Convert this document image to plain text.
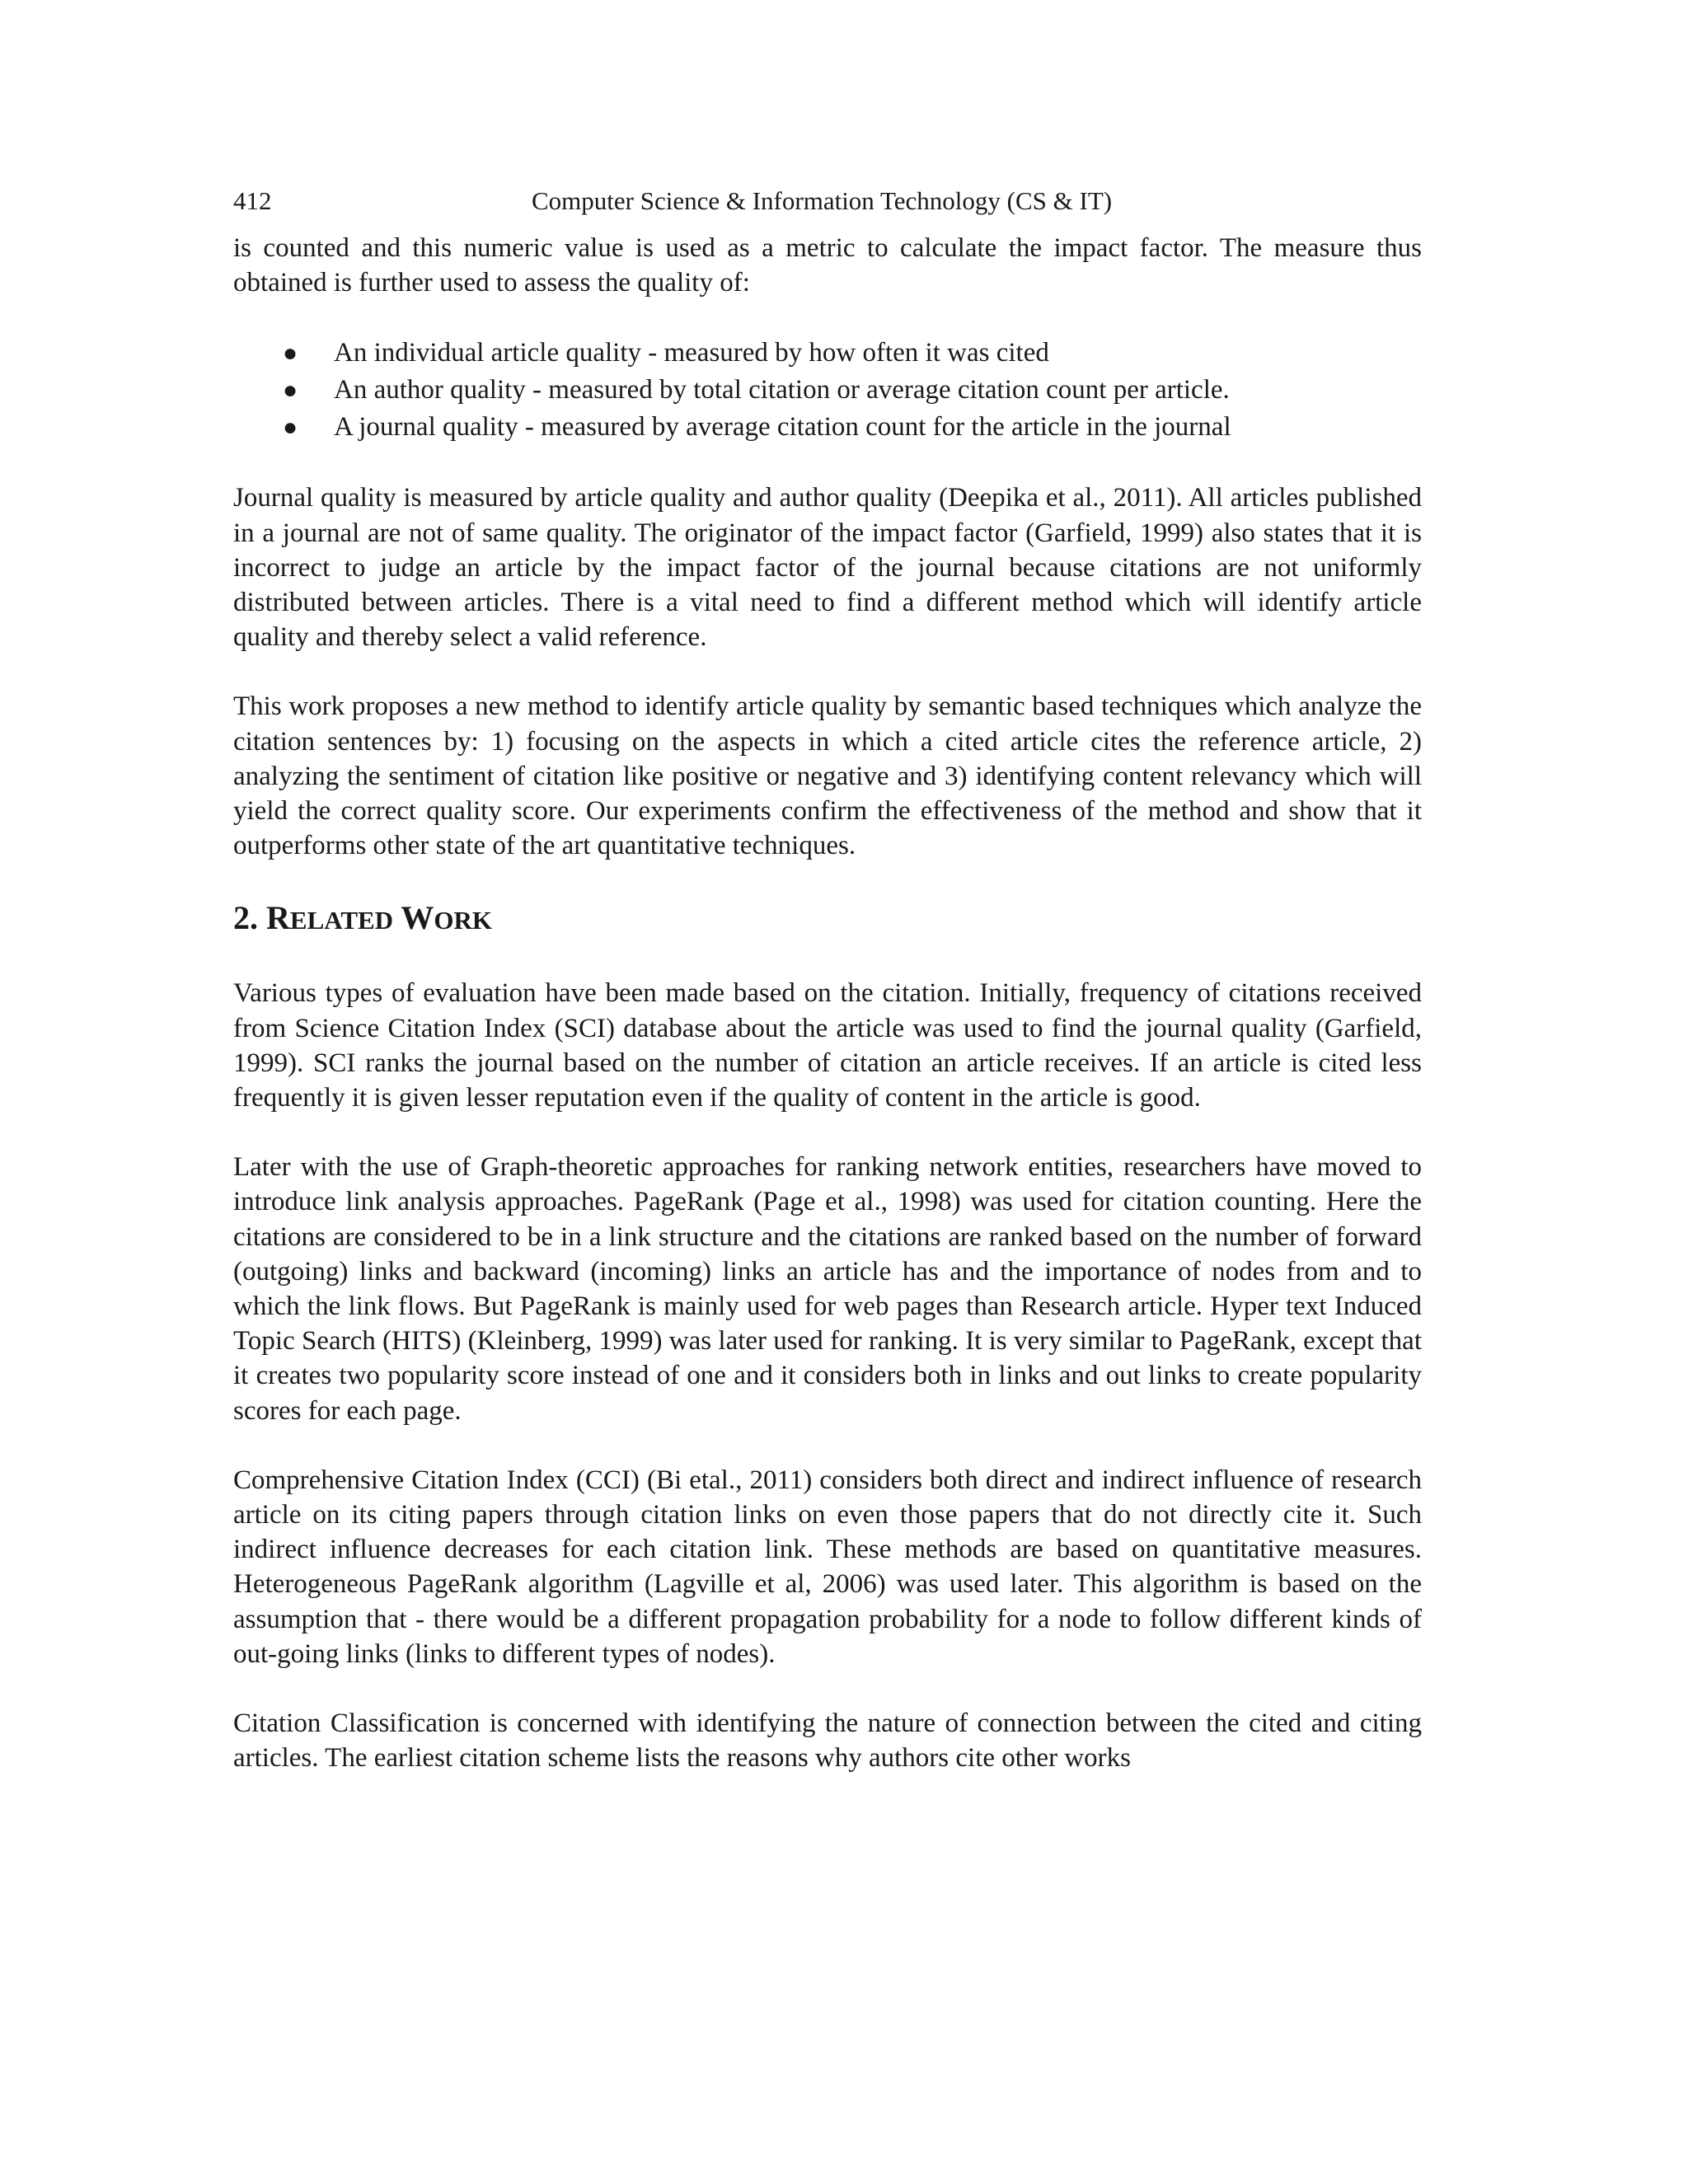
412	Computer Science & Information Technology (CS & IT)

is counted and this numeric value is used as a metric to calculate the impact factor. The measure thus obtained is further used to assess the quality of:

● An individual article quality - measured by how often it was cited
● An author quality - measured by total citation or average citation count per article.
● A journal quality - measured by average citation count for the article in the journal

Journal quality is measured by article quality and author quality (Deepika et al., 2011). All articles published in a journal are not of same quality. The originator of the impact factor (Garfield, 1999) also states that it is incorrect to judge an article by the impact factor of the journal because citations are not uniformly distributed between articles. There is a vital need to find a different method which will identify article quality and thereby select a valid reference.

This work proposes a new method to identify article quality by semantic based techniques which analyze the citation sentences by: 1) focusing on the aspects in which a cited article cites the reference article, 2) analyzing the sentiment of citation like positive or negative and 3) identifying content relevancy which will yield the correct quality score. Our experiments confirm the effectiveness of the method and show that it outperforms other state of the art quantitative techniques.

2. RELATED WORK

Various types of evaluation have been made based on the citation. Initially, frequency of citations received from Science Citation Index (SCI) database about the article was used to find the journal quality (Garfield, 1999). SCI ranks the journal based on the number of citation an article receives. If an article is cited less frequently it is given lesser reputation even if the quality of content in the article is good.

Later with the use of Graph-theoretic approaches for ranking network entities, researchers have moved to introduce link analysis approaches. PageRank (Page et al., 1998) was used for citation counting. Here the citations are considered to be in a link structure and the citations are ranked based on the number of forward (outgoing) links and backward (incoming) links an article has and the importance of nodes from and to which the link flows. But PageRank is mainly used for web pages than Research article. Hyper text Induced Topic Search (HITS) (Kleinberg, 1999) was later used for ranking. It is very similar to PageRank, except that it creates two popularity score instead of one and it considers both in links and out links to create popularity scores for each page.

Comprehensive Citation Index (CCI) (Bi etal., 2011) considers both direct and indirect influence of research article on its citing papers through citation links on even those papers that do not directly cite it. Such indirect influence decreases for each citation link. These methods are based on quantitative measures. Heterogeneous PageRank algorithm (Lagville et al, 2006) was used later. This algorithm is based on the assumption that - there would be a different propagation probability for a node to follow different kinds of out-going links (links to different types of nodes).

Citation Classification is concerned with identifying the nature of connection between the cited and citing articles. The earliest citation scheme lists the reasons why authors cite other works
